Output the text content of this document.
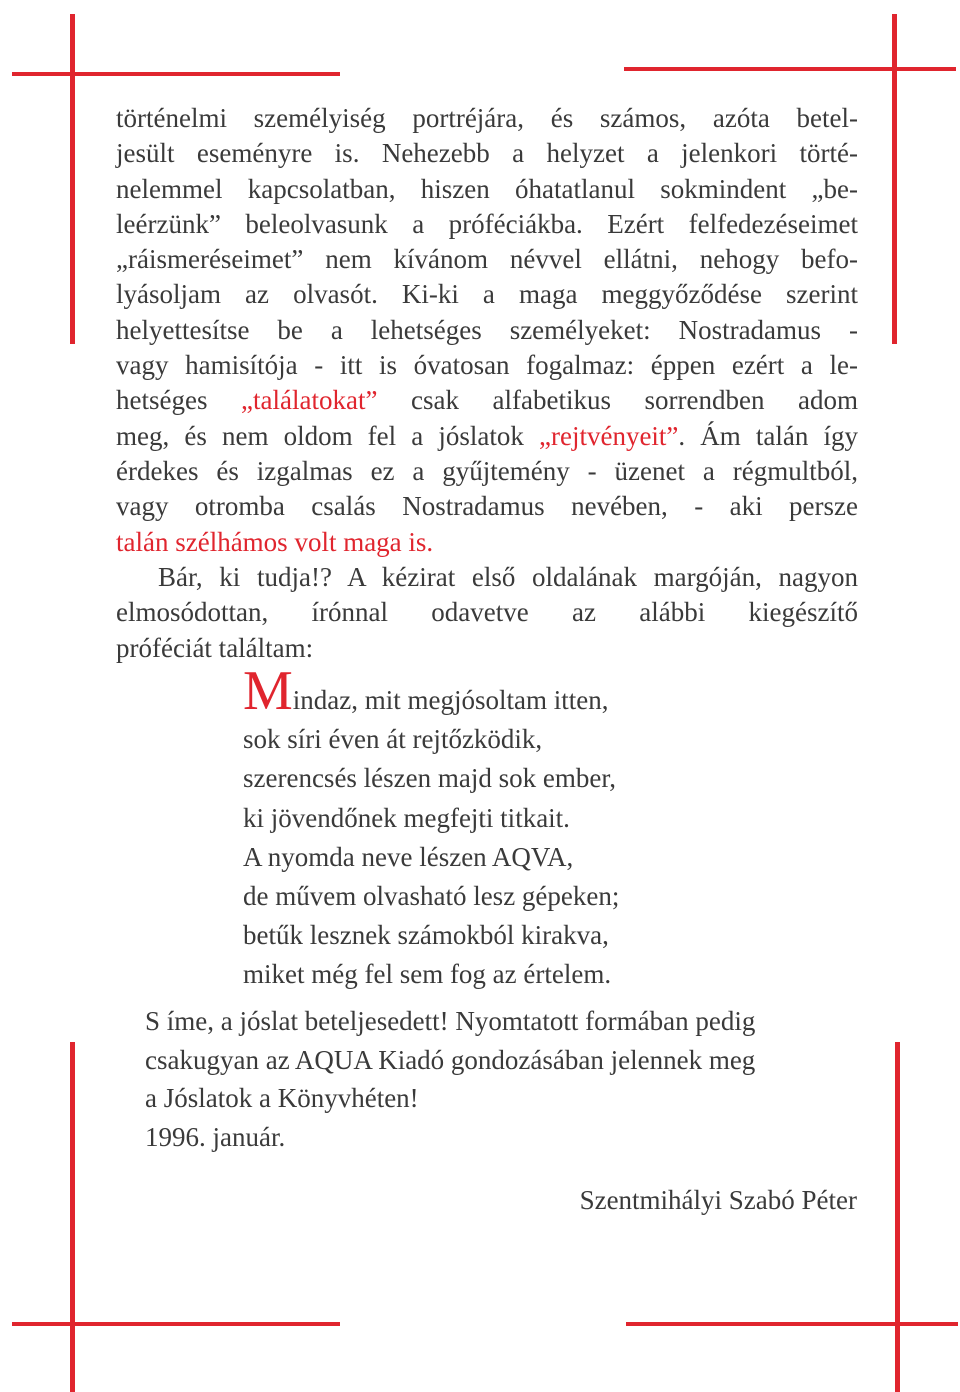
történelmi személyiség portréjára, és számos, azóta betel-
jesült eseményre is. Nehezebb a helyzet a jelenkori törté-
nelemmel kapcsolatban, hiszen óhatatlanul sokmindent „be-
leérzünk” beleolvasunk a próféciákba. Ezért felfedezéseimet
„ráismeréseimet” nem kívánom névvel ellátni, nehogy befo-
lyásoljam az olvasót. Ki-ki a maga meggyőződése szerint
helyettesítse be a lehetséges személyeket: Nostradamus -
vagy hamisítója - itt is óvatosan fogalmaz: éppen ezért a le-
hetséges „találatokat” csak alfabetikus sorrendben adom
meg, és nem oldom fel a jóslatok „rejtvényeit”. Ám talán így
érdekes és izgalmas ez a gyűjtemény - üzenet a régmultból,
vagy otromba csalás Nostradamus nevében, - aki persze
talán szélhámos volt maga is.
Bár, ki tudja!? A kézirat első oldalának margóján, nagyon
elmosódottan, írónnal odavetve az alábbi kiegészítő
próféciát találtam:
Mindaz, mit megjósoltam itten,
sok síri éven át rejtőzködik,
szerencsés lészen majd sok ember,
ki jövendőnek megfejti titkait.
A nyomda neve lészen AQVA,
de művem olvasható lesz gépeken;
betűk lesznek számokból kirakva,
miket még fel sem fog az értelem.
S íme, a jóslat beteljesedett! Nyomtatott formában pedig
csakugyan az AQUA Kiadó gondozásában jelennek meg
a Jóslatok a Könyvhéten!
1996. január.
Szentmihályi Szabó Péter
